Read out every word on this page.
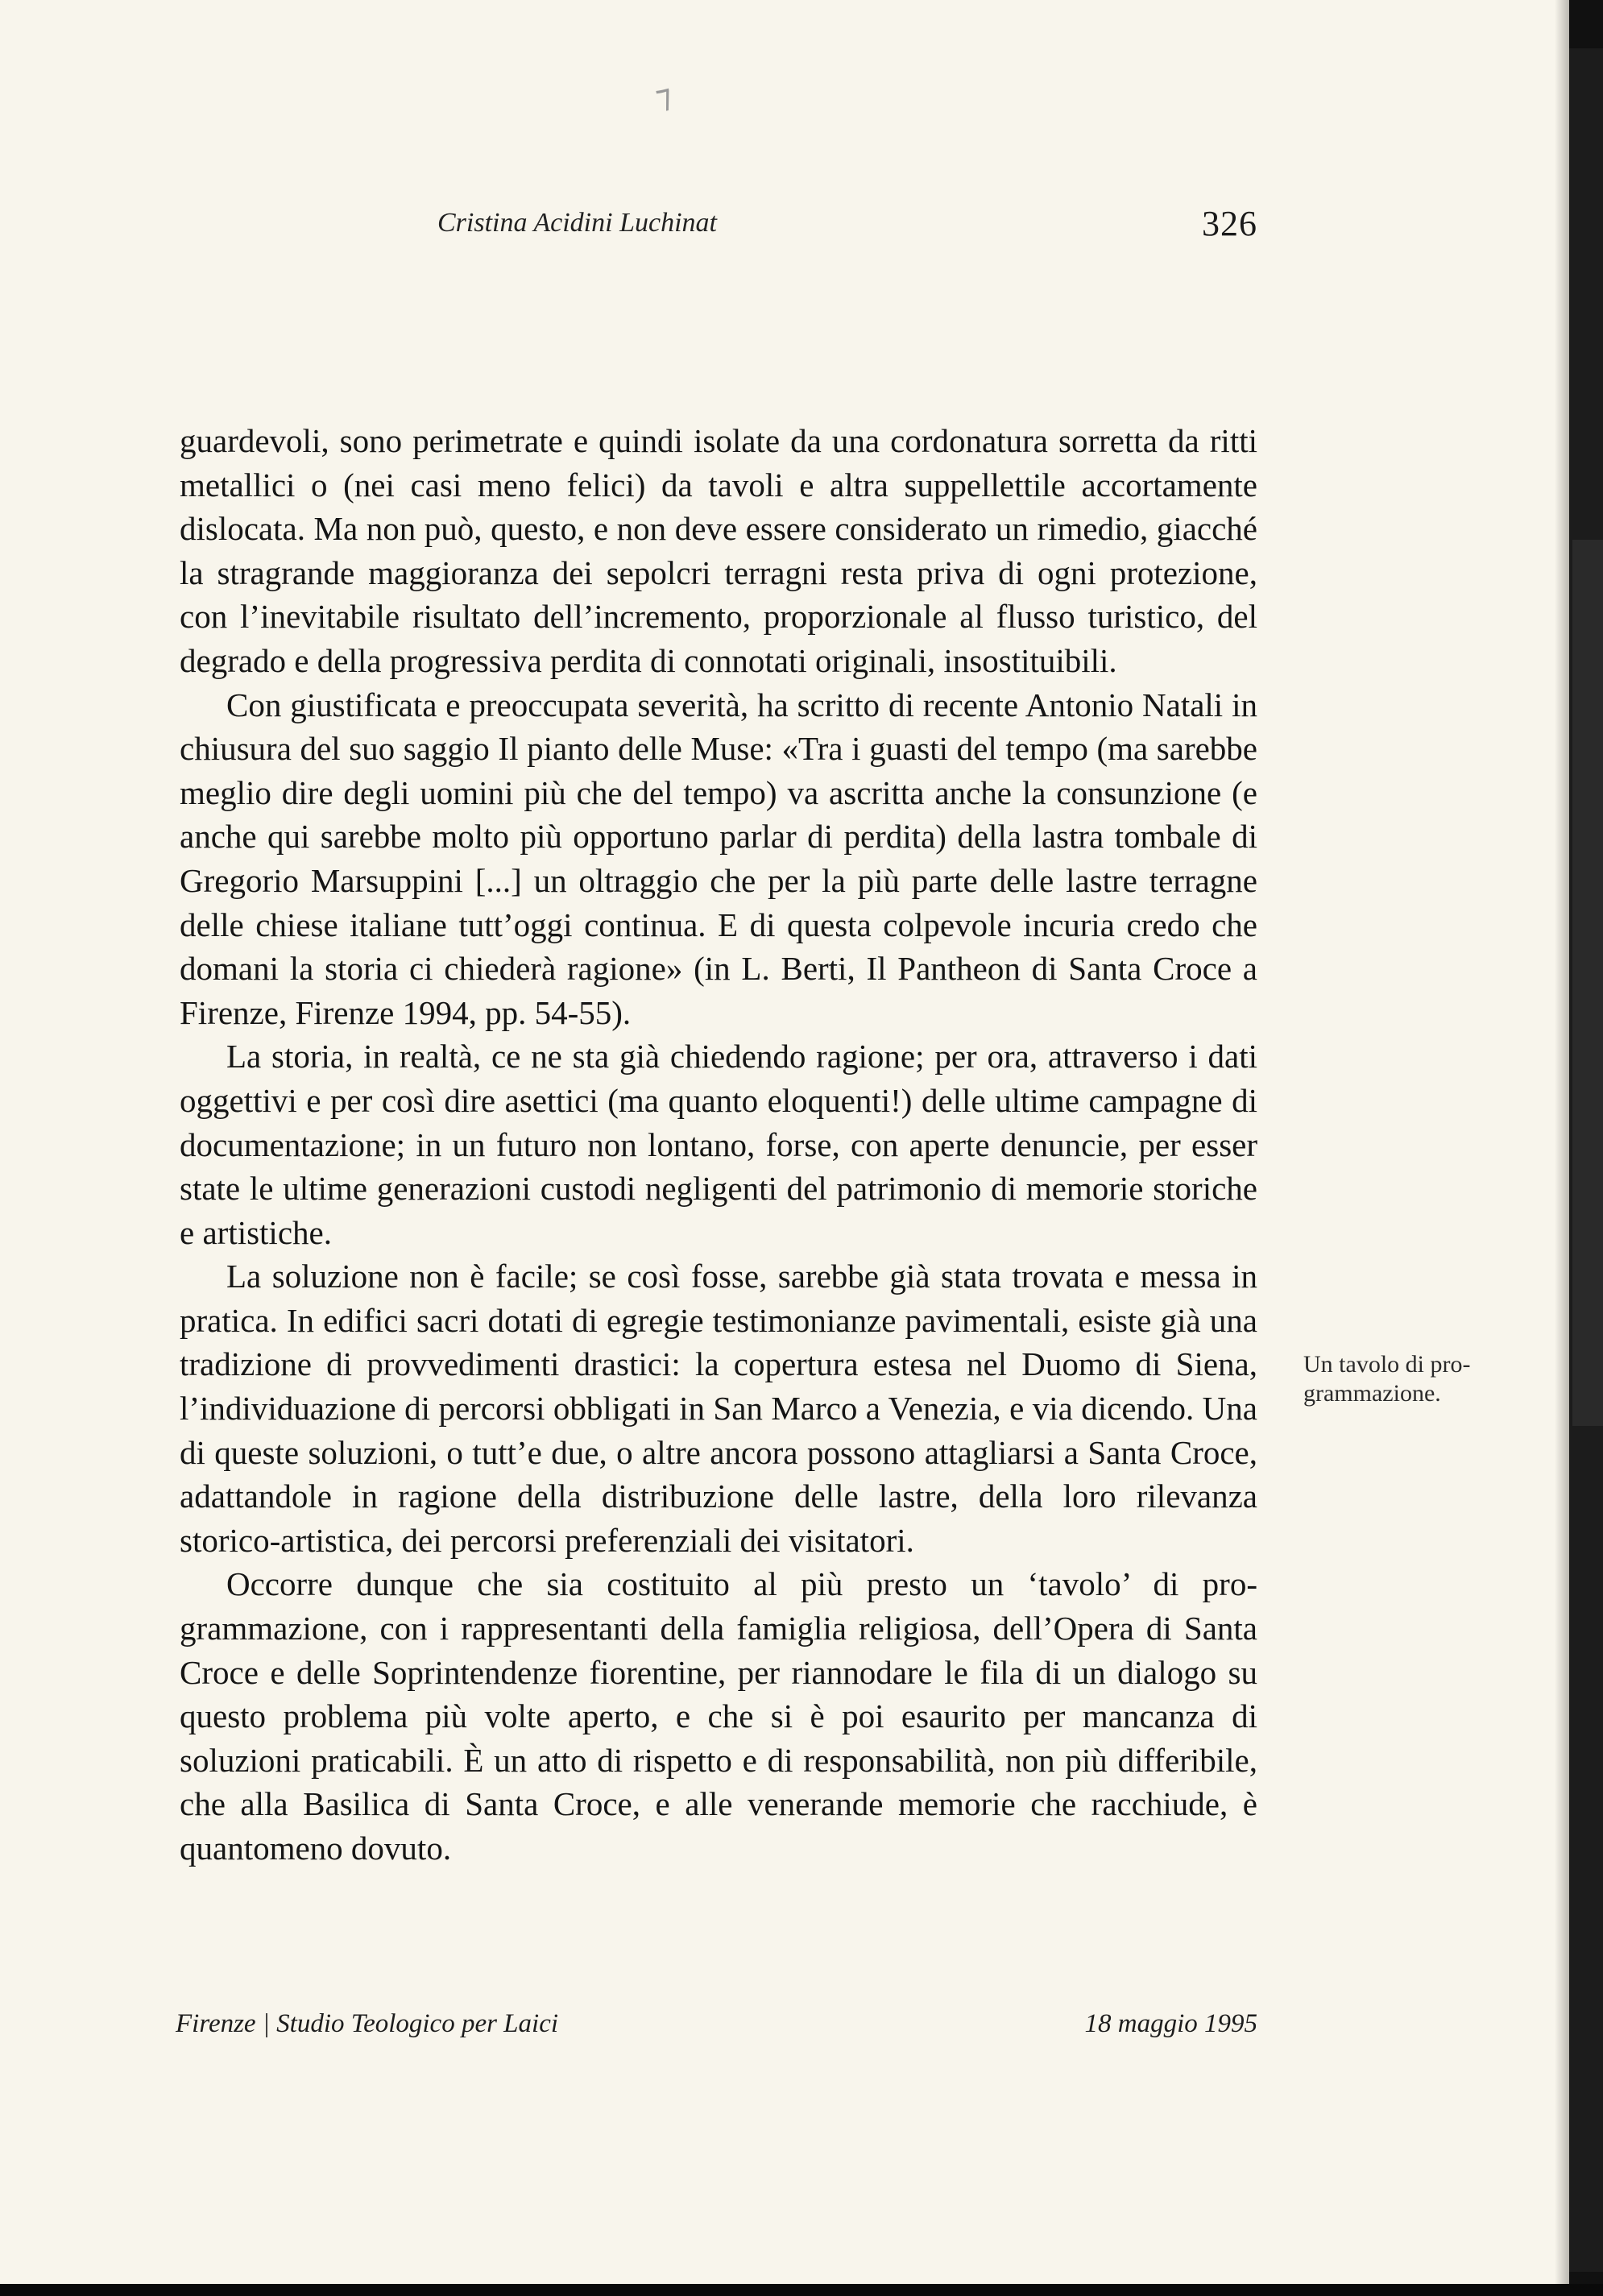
⁊
Cristina Acidini Luchinat	326

guardevoli, sono perimetrate e quindi isolate da una cordonatura sorretta da ritti metallici o (nei casi meno felici) da tavoli e altra suppellettile accortamente dislocata. Ma non può, questo, e non deve essere considerato un rimedio, giacché la stragrande maggioranza dei sepolcri terragni resta priva di ogni protezione, con l’inevitabile risultato dell’incremento, proporzionale al flusso turistico, del degrado e della progressiva perdita di connotati originali, insostituibili.

Con giustificata e preoccupata severità, ha scritto di recente Antonio Natali in chiusura del suo saggio Il pianto delle Muse: «Tra i guasti del tempo (ma sarebbe meglio dire degli uomini più che del tempo) va ascritta anche la consunzione (e anche qui sarebbe molto più opportuno parlar di perdita) della lastra tombale di Gregorio Marsuppini [...] un oltraggio che per la più parte delle lastre terragne delle chiese italiane tutt’oggi continua. E di questa colpevole incuria credo che domani la storia ci chiederà ragione» (in L. Berti, Il Pantheon di Santa Croce a Firenze, Firenze 1994, pp. 54-55).

La storia, in realtà, ce ne sta già chiedendo ragione; per ora, attraverso i dati oggettivi e per così dire asettici (ma quanto eloquenti!) delle ultime campagne di documentazione; in un futuro non lontano, forse, con aperte denuncie, per esser state le ultime generazioni custodi negligenti del patrimonio di memorie storiche e artistiche.

La soluzione non è facile; se così fosse, sarebbe già stata trovata e messa in pratica. In edifici sacri dotati di egregie testimonianze pavimentali, esiste già una tradizione di provvedimenti drastici: la copertura estesa nel Duomo di Siena, l’individuazione di percorsi obbligati in San Marco a Venezia, e via dicendo. Una di queste soluzioni, o tutt’e due, o altre ancora possono attagliarsi a Santa Croce, adattandole in ragione della distribuzione delle lastre, della loro rilevanza storico-artistica, dei percorsi preferenziali dei visitatori.

Occorre dunque che sia costituito al più presto un ‘tavolo’ di programmazione, con i rappresentanti della famiglia religiosa, dell’Opera di Santa Croce e delle Soprintendenze fiorentine, per riannodare le fila di un dialogo su questo problema più volte aperto, e che si è poi esaurito per mancanza di soluzioni praticabili. È un atto di rispetto e di responsabilità, non più differibile, che alla Basilica di Santa Croce, e alle venerande memorie che racchiude, è quantomeno dovuto.

Un tavolo di programmazione.
Firenze | Studio Teologico per Laici	18 maggio 1995
